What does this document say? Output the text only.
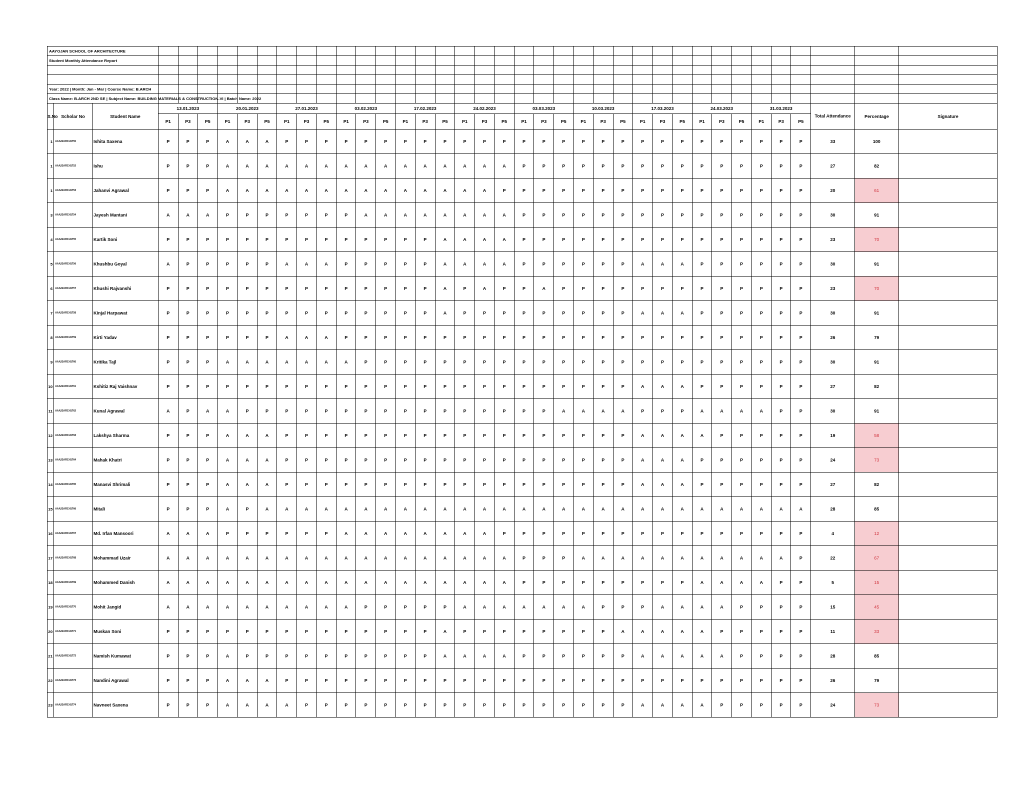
AAYOJAN SCHOOL OF ARCHITECTURE																																						
Student Monthly Attendance Report																																						

Year: 2022 | Month: Jan - Mar | Course Name: B.ARCH																																						
Class Name: B.ARCH 2ND SE | Subject Name: BUILDING MATERIALS & CONSTRUCTION-VI | Batch Name: 2022																																						
S.No	Scholar No	Student Name	13.01.2023			20.01.2023			27.01.2023			03.02.2023			17.02.2023			24.02.2023			03.03.2023			10.03.2023			17.03.2023			24.03.2023			31.03.2023			Total Attendance	Percentage	Signature
			P1	P3	P5	P1	P3	P5	P1	P3	P5	P1	P3	P5	P1	P3	P5	P1	P3	P5	P1	P3	P5	P1	P3	P5	P1	P3	P5	P1	P3	P5	P1	P3	P5			
1	AAA22ARCH1750	Ishita Saxena	P	P	P	A	A	A	P	P	P	P	P	P	P	P	P	P	P	P	P	P	P	P	P	P	P	P	P	P	P	P	P	P	P	33	100	
1	AAA22ARCH1752	Ishu	P	P	P	A	A	A	A	A	A	A	A	A	A	A	A	A	A	A	P	P	P	P	P	P	P	P	P	P	P	P	P	P	P	27	82	
1	AAA22ARCH1753	Jahanvi Agrawal	P	P	P	A	A	A	A	A	A	A	A	A	A	A	A	A	A	P	P	P	P	P	P	P	P	P	P	P	P	P	P	P	P	20	61	
3	AAA22ARCH1754	Jayesh Mantani	A	A	A	P	P	P	P	P	P	P	A	A	A	A	A	A	A	A	P	P	P	P	P	P	P	P	P	P	P	P	P	P	P	30	91	
4	AAA22ARCH1755	Kartik Soni	P	P	P	P	P	P	P	P	P	P	P	P	P	P	A	A	A	A	P	P	P	P	P	P	P	P	P	P	P	P	P	P	P	23	70	
5	AAA22ARCH1756	Khushbu Goyal	A	P	P	P	P	P	A	A	A	P	P	P	P	P	A	A	A	A	P	P	P	P	P	P	A	A	A	P	P	P	P	P	P	30	91	
6	AAA22ARCH1757	Khushi Rajvanshi	P	P	P	P	P	P	P	P	P	P	P	P	P	P	A	P	A	P	P	A	P	P	P	P	P	P	P	P	P	P	P	P	P	23	70	
7	AAA22ARCH1758	Kinjal Harpawat	P	P	P	P	P	P	P	P	P	P	P	P	P	P	A	P	P	P	P	P	P	P	P	P	A	A	A	P	P	P	P	P	P	30	91	
8	AAA22ARCH1759	Kirti Yadav	P	P	P	P	P	P	A	A	A	P	P	P	P	P	P	P	P	P	P	P	P	P	P	P	P	P	P	P	P	P	P	P	P	26	79	
9	AAA22ARCH1760	Kritika Tajl	P	P	P	A	A	A	A	A	A	A	P	P	P	P	P	P	P	P	P	P	P	P	P	P	P	P	P	P	P	P	P	P	P	30	91	
10	AAA22ARCH1761	Kshitiz Raj Vaishnav	P	P	P	P	P	P	P	P	P	P	P	P	P	P	P	P	P	P	P	P	P	P	P	P	A	A	A	P	P	P	P	P	P	27	82	
11	AAA22ARCH1762	Kunal Agrawal	A	P	A	A	P	P	P	P	P	P	P	P	P	P	P	P	P	P	P	P	A	A	A	A	P	P	P	A	A	A	A	P	P	30	91	
12	AAA22ARCH1763	Lakshya Sharma	P	P	P	A	A	A	P	P	P	P	P	P	P	P	P	P	P	P	P	P	P	P	P	P	A	A	A	A	P	P	P	P	P	19	58	
13	AAA22ARCH1764	Mahak Khatri	P	P	P	A	A	A	P	P	P	P	P	P	P	P	P	P	P	P	P	P	P	P	P	P	A	A	A	P	P	P	P	P	P	24	73	
14	AAA22ARCH1765	Manasvi Shrimali	P	P	P	A	A	A	P	P	P	P	P	P	P	P	P	P	P	P	P	P	P	P	P	P	A	A	A	P	P	P	P	P	P	27	82	
15	AAA22ARCH1766	Mitali	P	P	P	A	P	A	A	A	A	A	A	A	A	A	A	A	A	A	A	A	A	A	A	A	A	A	A	A	A	A	A	A	A	28	85	
16	AAA22ARCH1767	Md. Irfan Mansoori	A	A	A	P	P	P	P	P	P	A	A	A	A	A	A	A	A	P	P	P	P	P	P	P	P	P	P	P	P	P	P	P	P	4	12	
17	AAA22ARCH1768	Mohammad Uzair	A	A	A	A	A	A	A	A	A	A	A	A	A	A	A	A	A	A	P	P	P	A	A	A	A	A	A	A	A	A	A	A	P	22	67	
18	AAA22ARCH1769	Mohammed Danish	A	A	A	A	A	A	A	A	A	A	A	A	A	A	A	A	A	A	P	P	P	P	P	P	P	P	P	A	A	A	A	P	P	5	15	
19	AAA22ARCH1770	Mohit Jangid	A	A	A	A	A	A	A	A	A	A	P	P	P	P	P	A	A	A	A	A	A	A	P	P	P	A	A	A	A	P	P	P	P	15	45	
20	AAA22ARCH1771	Muskan Soni	P	P	P	P	P	P	P	P	P	P	P	P	P	P	A	P	P	P	P	P	P	P	P	A	A	A	A	A	P	P	P	P	P	11	33	
21	AAA22ARCH1772	Namish Kumawat	P	P	P	A	P	P	P	P	P	P	P	P	P	P	A	A	A	A	P	P	P	P	P	P	A	A	A	A	A	P	P	P	P	28	85	
22	AAA22ARCH1773	Nandini Agrawal	P	P	P	A	A	A	P	P	P	P	P	P	P	P	P	P	P	P	P	P	P	P	P	P	P	P	P	P	P	P	P	P	P	26	79	
23	AAA22ARCH1774	Navneet Saxena	P	P	P	A	A	A	A	P	P	P	P	P	P	P	P	P	P	P	P	P	P	P	P	P	A	A	A	A	P	P	P	P	P	24	73	
